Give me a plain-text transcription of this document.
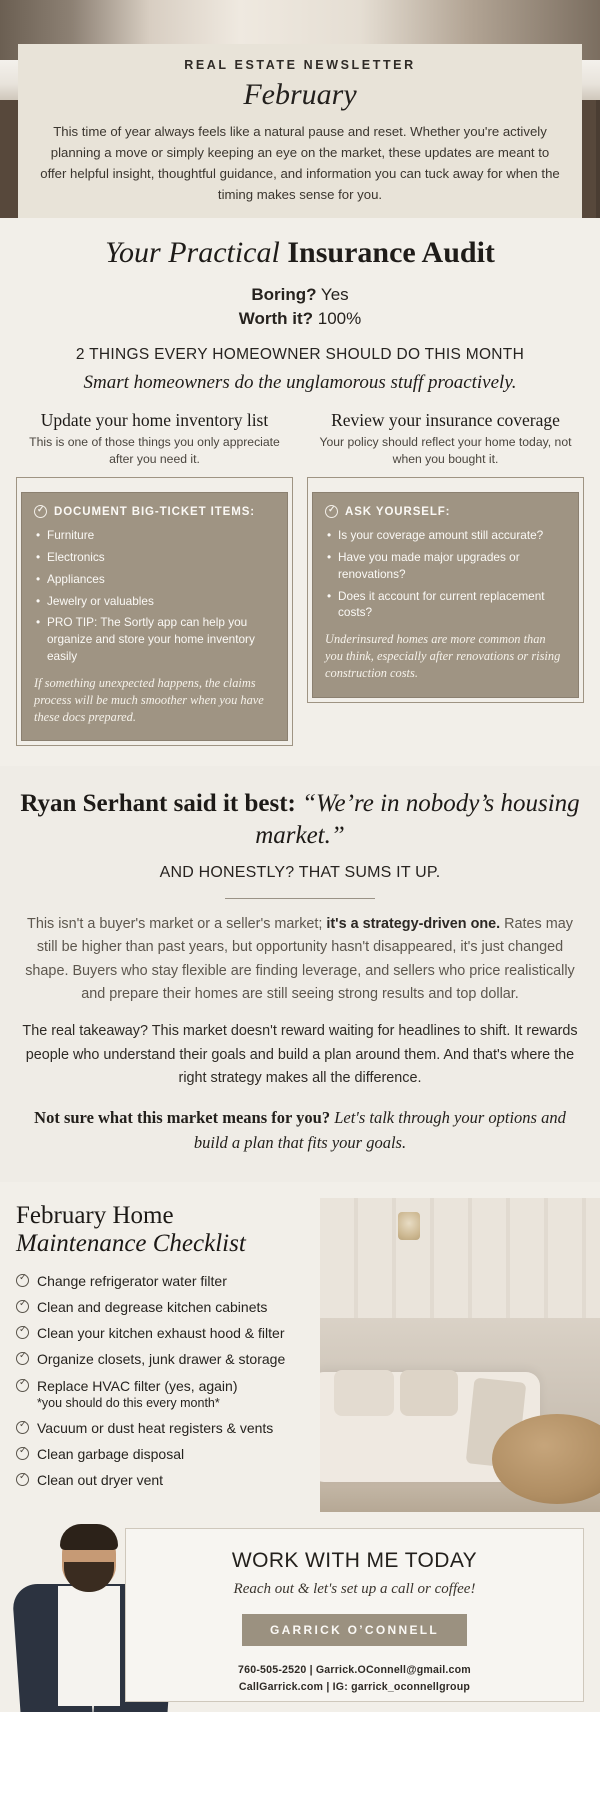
REAL ESTATE NEWSLETTER
February
This time of year always feels like a natural pause and reset. Whether you're actively planning a move or simply keeping an eye on the market, these updates are meant to offer helpful insight, thoughtful guidance, and information you can tuck away for when the timing makes sense for you.
Your Practical Insurance Audit
Boring? Yes
Worth it? 100%
2 THINGS EVERY HOMEOWNER SHOULD DO THIS MONTH
Smart homeowners do the unglamorous stuff proactively.
Update your home inventory list
This is one of those things you only appreciate after you need it.
✓
DOCUMENT BIG-TICKET ITEMS:
• Furniture
• Electronics
• Appliances
• Jewelry or valuables
• PRO TIP: The Sortly app can help you organize and store your home inventory easily
If something unexpected happens, the claims process will be much smoother when you have these docs prepared.
Review your insurance coverage
Your policy should reflect your home today, not when you bought it.
✓
ASK YOURSELF:
• Is your coverage amount still accurate?
• Have you made major upgrades or renovations?
• Does it account for current replacement costs?
Underinsured homes are more common than you think, especially after renovations or rising construction costs.
Ryan Serhant said it best: “We’re in nobody’s housing market.”
AND HONESTLY? THAT SUMS IT UP.

This isn't a buyer's market or a seller's market; it's a strategy-driven one. Rates may still be higher than past years, but opportunity hasn't disappeared, it's just changed shape. Buyers who stay flexible are finding leverage, and sellers who price realistically and prepare their homes are still seeing strong results and top dollar.

The real takeaway? This market doesn't reward waiting for headlines to shift. It rewards people who understand their goals and build a plan around them. And that's where the right strategy makes all the difference.

Not sure what this market means for you? Let's talk through your options and build a plan that fits your goals.
February Home
Maintenance Checklist
✓
Change refrigerator water filter
✓
Clean and degrease kitchen cabinets
✓
Clean your kitchen exhaust hood & filter
✓
Organize closets, junk drawer & storage
✓
Replace HVAC filter (yes, again)
*you should do this every month*
✓
Vacuum or dust heat registers & vents
✓
Clean garbage disposal
✓
Clean out dryer vent
WORK WITH ME TODAY
Reach out & let's set up a call or coffee!
GARRICK O’CONNELL
760-505-2520 | Garrick.OConnell@gmail.com
CallGarrick.com | IG: garrick_oconnellgroup
